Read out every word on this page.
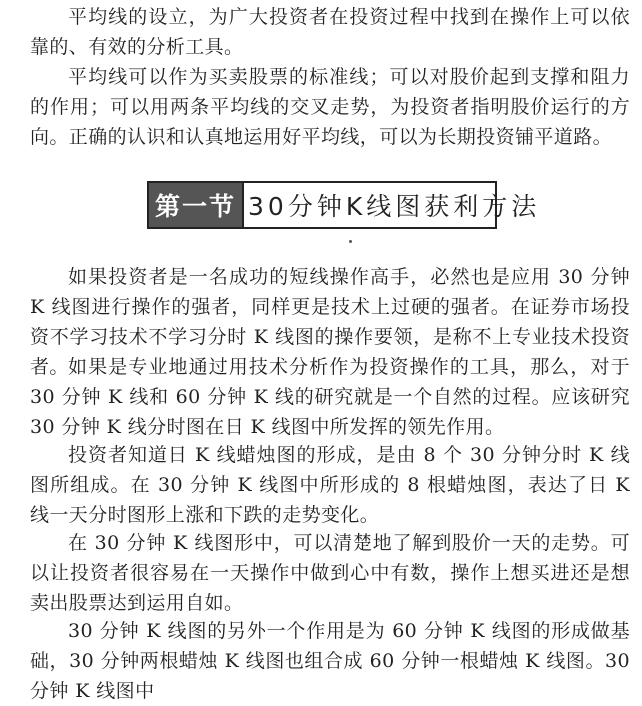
平均线的设立，为广大投资者在投资过程中找到在操作上可以依靠的、有效的分析工具。

平均线可以作为买卖股票的标准线；可以对股价起到支撑和阻力的作用；可以用两条平均线的交叉走势，为投资者指明股价运行的方向。正确的认识和认真地运用好平均线，可以为长期投资铺平道路。

第一节 30分钟K线图获利方法

如果投资者是一名成功的短线操作高手，必然也是应用 30 分钟 K 线图进行操作的强者，同样更是技术上过硬的强者。在证券市场投资不学习技术不学习分时 K 线图的操作要领，是称不上专业技术投资者。 如果是专业地通过用技术分析作为投资操作的工具，那么，对于 30 分钟 K 线和 60 分钟 K 线的研究就是一个自然的过程。应该研究 30 分钟 K 线分时图在日 K 线图中所发挥的领先作用。

投资者知道日 K 线蜡烛图的形成，是由 8 个 30 分钟分时 K 线图所组成。在 30 分钟 K 线图中所形成的 8 根蜡烛图，表达了日 K 线一天分时图形上涨和下跌的走势变化。

在 30 分钟 K 线图形中，可以清楚地了解到股价一天的走势。可以让投资者很容易在一天操作中做到心中有数，操作上想买进还是想卖出股票达到运用自如。

30 分钟 K 线图的另外一个作用是为 60 分钟 K 线图的形成做基础，30 分钟两根蜡烛 K 线图也组合成 60 分钟一根蜡烛 K 线图。30 分钟 K 线图中
